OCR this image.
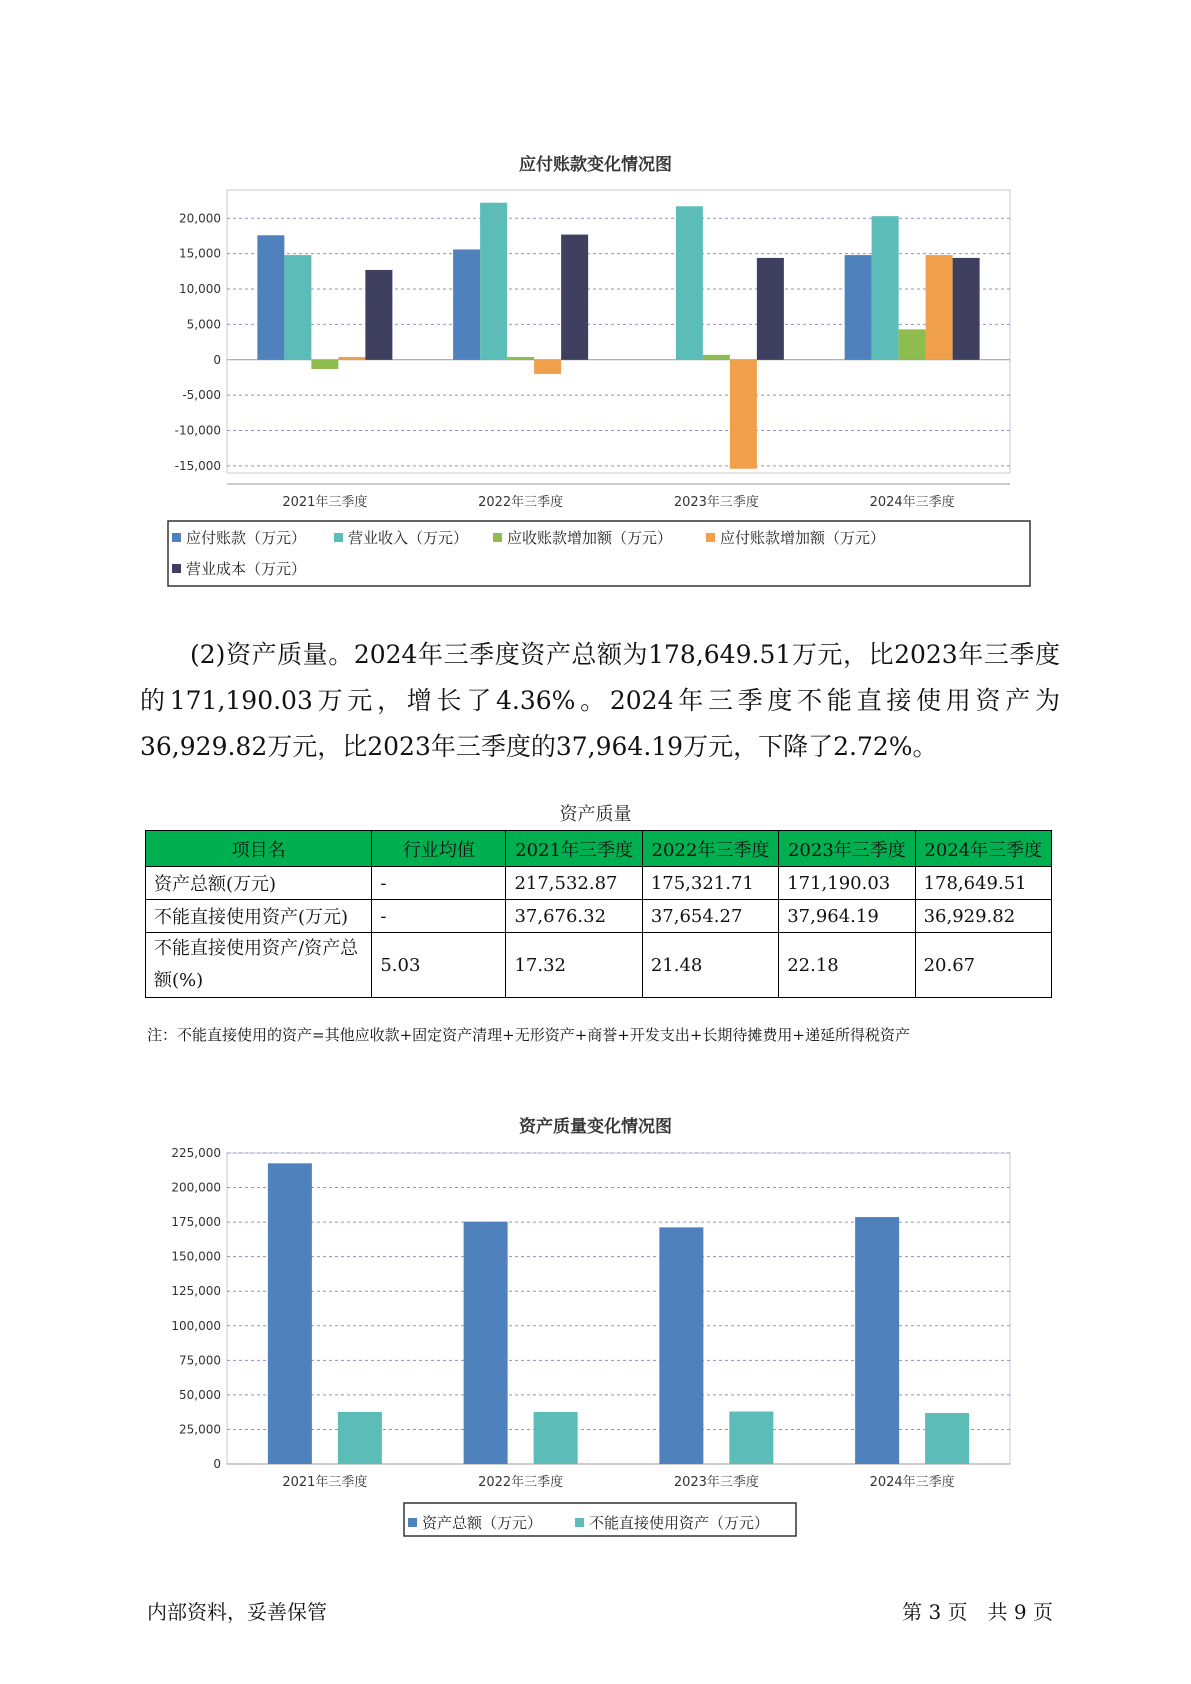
应付账款变化情况图
20,000
15,000
10,000
5,000
0
-5,000
-10,000
-15,000
2021年三季度	2022年三季度	2023年三季度	2024年三季度
应付账款（万元）	营业收入（万元）	应收账款增加额（万元）	应付账款增加额（万元）
营业成本（万元）

(2)资产质量。2024年三季度资产总额为178,649.51万元，比2023年三季度的171,190.03万元，增长了4.36%。2024年三季度不能直接使用资产为36,929.82万元，比2023年三季度的37,964.19万元，下降了2.72%。

资产质量
项目名	行业均值	2021年三季度	2022年三季度	2023年三季度	2024年三季度
资产总额(万元)	-	217,532.87	175,321.71	171,190.03	178,649.51
不能直接使用资产(万元)	-	37,676.32	37,654.27	37,964.19	36,929.82
不能直接使用资产/资产总额(%)	5.03	17.32	21.48	22.18	20.67
注：不能直接使用的资产=其他应收款+固定资产清理+无形资产+商誉+开发支出+长期待摊费用+递延所得税资产
资产质量变化情况图
225,000
200,000
175,000
150,000
125,000
100,000
75,000
50,000
25,000
0
2021年三季度	2022年三季度	2023年三季度	2024年三季度
资产总额（万元）	不能直接使用资产（万元）
内部资料，妥善保管	第 3 页　共 9 页
